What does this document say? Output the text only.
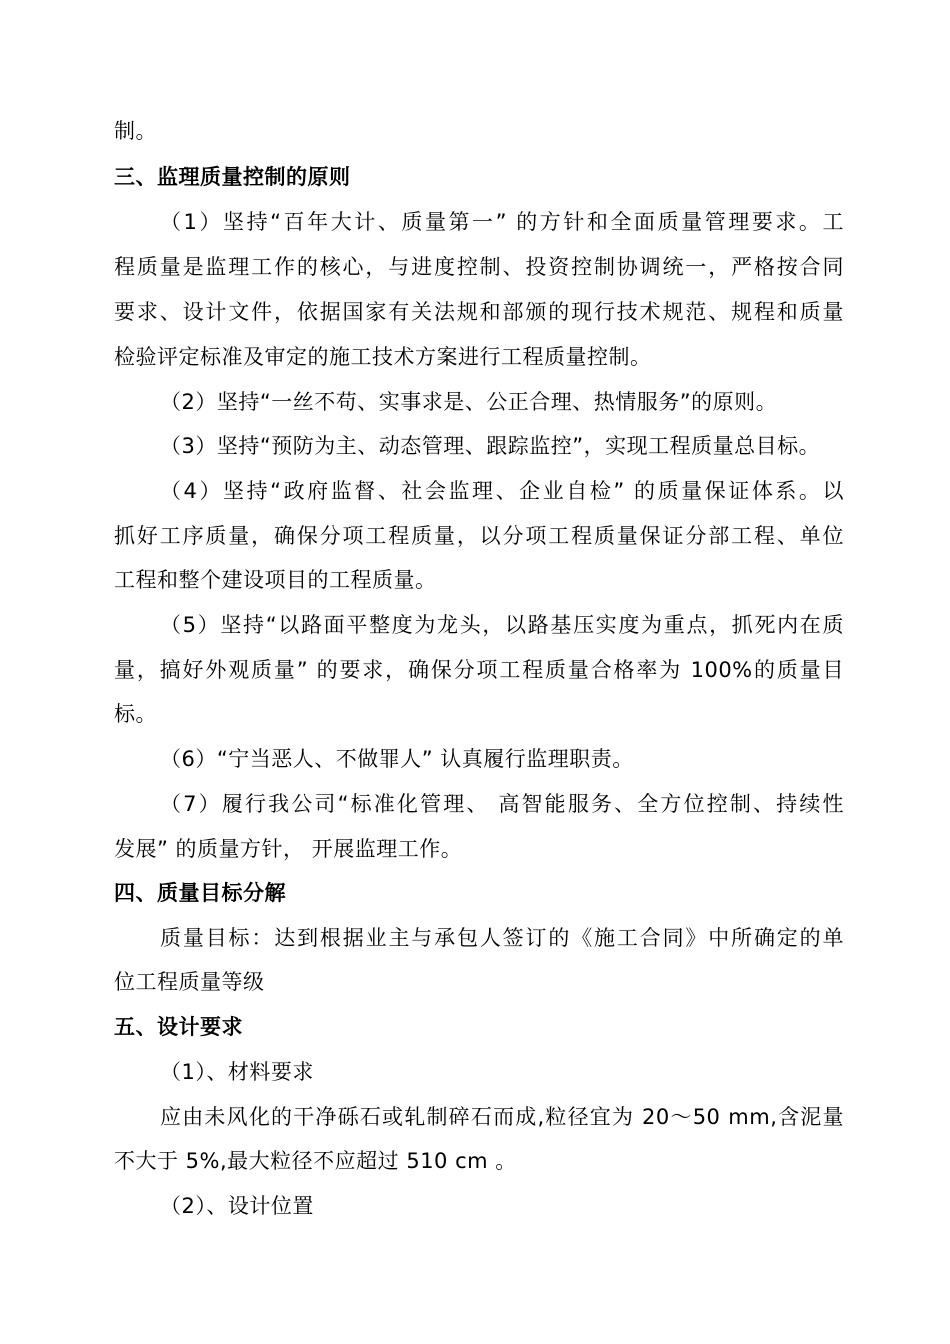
制。
三、监理质量控制的原则
（1）坚持“百年大计、质量第一” 的方针和全面质量管理要求。工
程质量是监理工作的核心，与进度控制、投资控制协调统一，严格按合同
要求、设计文件，依据国家有关法规和部颁的现行技术规范、规程和质量
检验评定标准及审定的施工技术方案进行工程质量控制。
（2）坚持“一丝不苟、实事求是、公正合理、热情服务”的原则。
（3）坚持“预防为主、动态管理、跟踪监控”，实现工程质量总目标。
（4）坚持“政府监督、社会监理、企业自检” 的质量保证体系。以
抓好工序质量，确保分项工程质量，以分项工程质量保证分部工程、单位
工程和整个建设项目的工程质量。
（5）坚持“以路面平整度为龙头，以路基压实度为重点，抓死内在质
量，搞好外观质量” 的要求，确保分项工程质量合格率为 100%的质量目
标。
（6）“宁当恶人、不做罪人” 认真履行监理职责。
（7）履行我公司“标准化管理、 高智能服务、全方位控制、持续性
发展” 的质量方针， 开展监理工作。
四、质量目标分解
质量目标：达到根据业主与承包人签订的《施工合同》中所确定的单
位工程质量等级
五、设计要求
（1）、材料要求
应由未风化的干净砾石或轧制碎石而成,粒径宜为 20～50 mm,含泥量
不大于 5%,最大粒径不应超过 510 cm 。
（2）、设计位置
